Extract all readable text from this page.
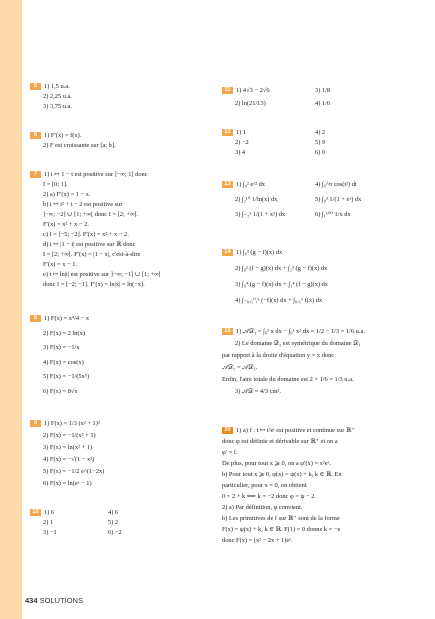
5 1) 1,5 u.a.
2) 2,25 u.a.
3) 3,75 u.a.
6 1) F′(x) = f(x).
2) F est croissante sur [a; b].
7 1) t ↦ 1 − t est positive sur ]−∞; 1] donc
I = [0; 1].
2) a) F′(x) = 1 − x.
b) t ↦ t² + t − 2 est positive sur
]−∞; −2] ∪ [1; +∞[ donc I = [2; +∞[.
F′(x) = x² + x − 2.
c) I = [−5; −2]. F′(x) = x² + x − 2.
d) t ↦ |1 − t| est positive sur ℝ donc
I = [2; +∞[. F′(x) = |1 − x|, c'est-à-dire
F′(x) = x − 1.
e) t ↦ ln|t| est positive sur ]−∞; −1] ∪ [1; +∞[
donc I = [−2; −1]. F′(x) = ln|x| = ln(−x).
8 1) F(x) = x⁴/4 − x
2) F(x) = 2 ln(x)
3) F(x) = −1/x
4) F(x) = cos(x)
5) F(x) = −1/(5x⁵)
6) F(x) = 8√x
9 1) F(x) = 1/3 (x² + 1)³
2) F(x) = −1/(x² + 1)
3) F(x) = ln(x² + 1)
4) F(x) = −√(1 − x²)
5) F(x) = −1/2 e^(1−2x)
6) F(x) = ln(eˣ − 1)
10 1) 6	4) 6
2) 1	5) 2
3) −1	6) −2
11 1) 4√3 − 2√6	3) 1/8
2) ln(21/13)	4) 1/6
12 1) 1	4) 2
2) −2	5) 9
3) 4	6) 0
13 1) ∫₀² eˣ² dx	4) ∫₀^π cos(t²) dt
2) ∫₂¹⁰ 1/ln(x) dx	5) ∫₀³ 1/(1 + eˣ) dx
3) ∫₋₂¹ 1/(1 + x²) dx	6) ∫₁¹⁰⁰ 1/x dx
14 1) ∫₀³ (g − f)(x) dx
2) ∫₀² (f − g)(x) dx + ∫₂³ (g − f)(x) dx
3) ∫₀⁴ (g − f)(x) dx + ∫₁⁴ (f − g)(x) dx
4) ∫₋₀,₅⁰,⁵ (−f)(x) dx + ∫₀,₅¹ f(x) dx
15 1) 𝒜𝒟₁ = ∫₀¹ x dx − ∫₀¹ x² dx = 1/2 − 1/3 = 1/6 u.a.
2) Le domaine 𝒟₂ est symétrique du domaine 𝒟₁
par rapport à la droite d'équation y = x donc
𝒜𝒟₂ = 𝒜𝒟₁.
Enfin, l'aire totale du domaine est 2 × 1/6 = 1/3 u.a.
3) 𝒜𝒟 = 4/3 cm².
20 1) a) f : t ↦ t²eᵗ est positive et continue sur ℝ⁺
donc φ est définie et dérivable sur ℝ⁺ et on a
φ′ = f.
De plus, pour tout x ⩾ 0, on a φ′(x) = x²eˣ.
b) Pour tout x ⩾ 0, φ(x) = ψ(x) + k, k ∈ ℝ. En
particulier, pour x = 0, on obtient
0 = 2 + k ⟺ k = −2 donc φ = ψ − 2.
2) a) Par définition, φ convient.
b) Les primitives de f sur ℝ⁺ sont de la forme
F(x) = ψ(x) + k, k ∈ ℝ. F(1) = 0 donne k = −e
donc F(x) = (x² − 2x + 1)eˣ.
434 SOLUTIONS
